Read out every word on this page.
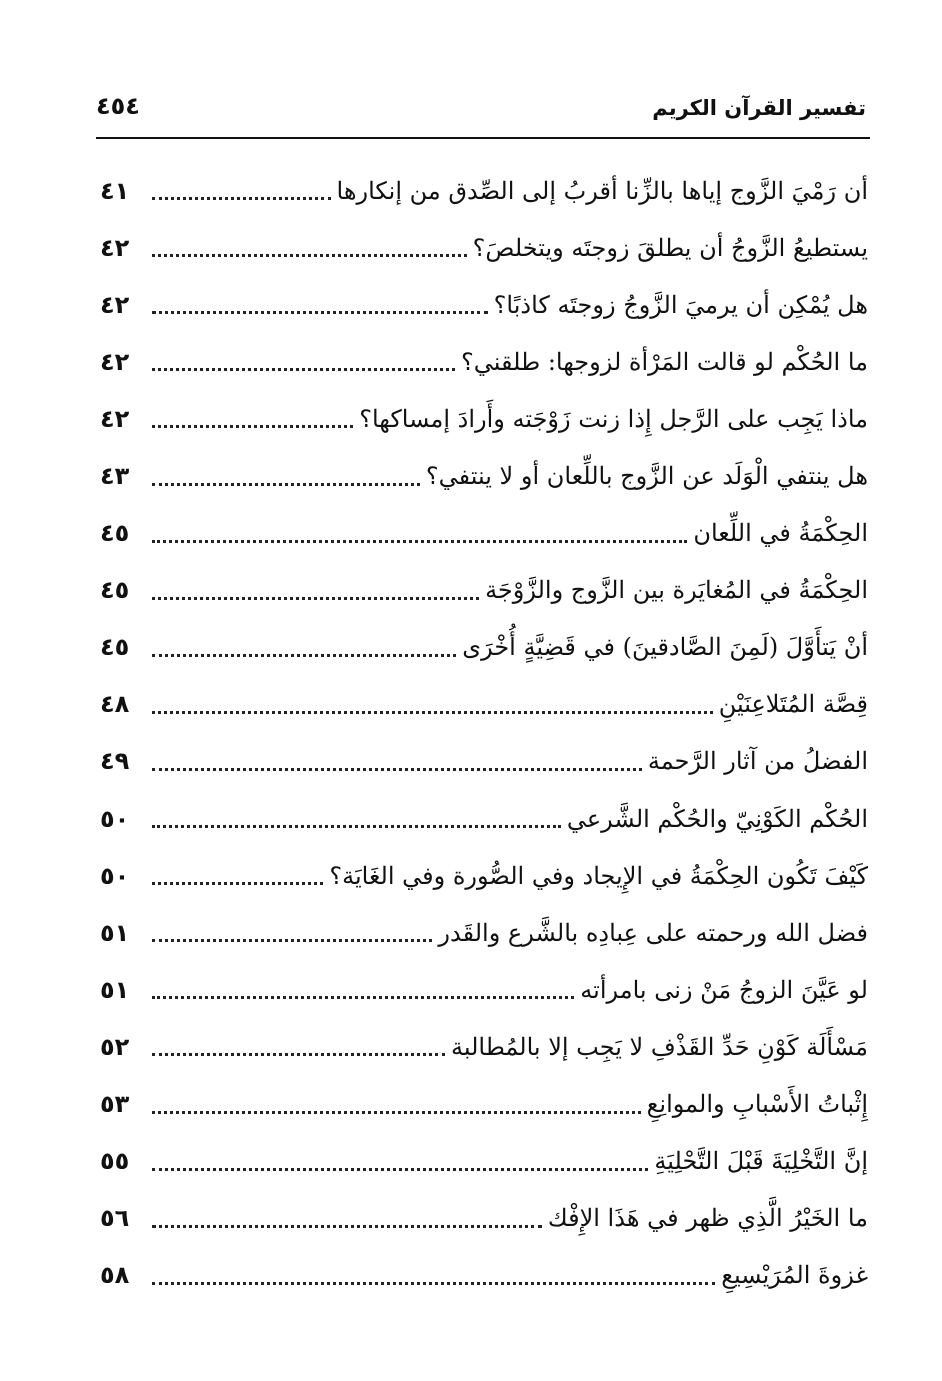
تفسير القرآن الكريم
٤٥٤
أن رَمْيَ الزَّوج إياها بالزِّنا أقربُ إلى الصِّدق من إنكارها
٤١
يستطيعُ الزَّوجُ أن يطلقَ زوجتَه ويتخلصَ؟
٤٢
هل يُمْكِن أن يرميَ الزَّوجُ زوجتَه كاذبًا؟
٤٢
ما الحُكْم لو قالت المَرْأة لزوجها: طلقني؟
٤٢
ماذا يَجِب على الرَّجل إِذا زنت زَوْجَته وأَرادَ إمساكها؟
٤٢
هل ينتفي الْوَلَد عن الزَّوج باللِّعان أو لا ينتفي؟
٤٣
الحِكْمَةُ في اللِّعان
٤٥
الحِكْمَةُ في المُغايَرة بين الزَّوج والزَّوْجَة
٤٥
أنْ يَتأَوَّلَ (لَمِنَ الصَّادقينَ) في قَضِيَّةٍ أُخْرَى
٤٥
قِصَّة المُتَلاعِنَيْنِ
٤٨
الفضلُ من آثار الرَّحمة
٤٩
الحُكْم الكَوْنِيّ والحُكْم الشَّرعي
٥٠
كَيْفَ تَكُون الحِكْمَةُ في الإِيجاد وفي الصُّورة وفي الغَايَة؟
٥٠
فضل الله ورحمته على عِبادِه بالشَّرع والقَدر
٥١
لو عَيَّنَ الزوجُ مَنْ زنى بامرأته
٥١
مَسْأَلَة كَوْنِ حَدِّ القَذْفِ لا يَجِب إلا بالمُطالبة
٥٢
إِثْباتُ الأَسْبابِ والموانِعِ
٥٣
إنَّ التَّخْلِيَةَ قَبْلَ التَّحْلِيَةِ
٥٥
ما الخَيْرُ الَّذِي ظهر في هَذَا الإِفْك
٥٦
غزوةَ المُرَيْسِيعِ
٥٨
